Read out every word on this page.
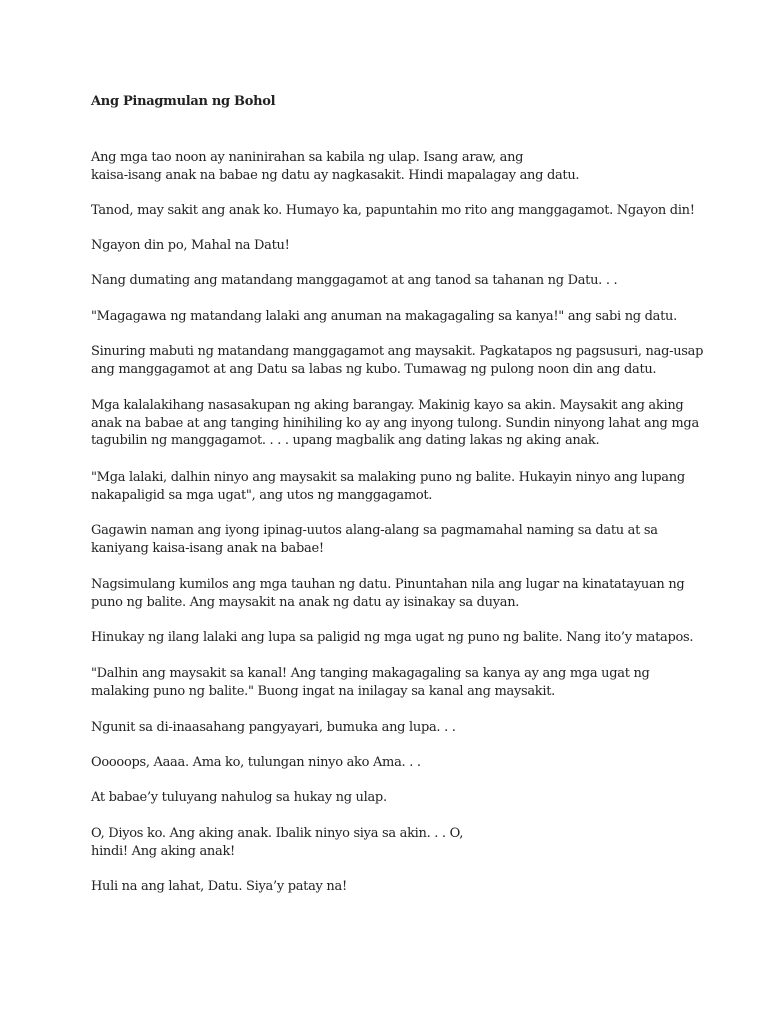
Ang Pinagmulan ng Bohol
Ang mga tao noon ay naninirahan sa kabila ng ulap. Isang araw, ang
kaisa-isang anak na babae ng datu ay nagkasakit. Hindi mapalagay ang datu.
Tanod, may sakit ang anak ko. Humayo ka, papuntahin mo rito ang manggagamot. Ngayon din!
Ngayon din po, Mahal na Datu!
Nang dumating ang matandang manggagamot at ang tanod sa tahanan ng Datu. . .
"Magagawa ng matandang lalaki ang anuman na makagagaling sa kanya!" ang sabi ng datu.
Sinuring mabuti ng matandang manggagamot ang maysakit. Pagkatapos ng pagsusuri, nag-usap
ang manggagamot at ang Datu sa labas ng kubo. Tumawag ng pulong noon din ang datu.
Mga kalalakihang nasasakupan ng aking barangay. Makinig kayo sa akin. Maysakit ang aking
anak na babae at ang tanging hinihiling ko ay ang inyong tulong. Sundin ninyong lahat ang mga
tagubilin ng manggagamot. . . . upang magbalik ang dating lakas ng aking anak.
"Mga lalaki, dalhin ninyo ang maysakit sa malaking puno ng balite. Hukayin ninyo ang lupang
nakapaligid sa mga ugat", ang utos ng manggagamot.
Gagawin naman ang iyong ipinag-uutos alang-alang sa pagmamahal naming sa datu at sa
kaniyang kaisa-isang anak na babae!
Nagsimulang kumilos ang mga tauhan ng datu. Pinuntahan nila ang lugar na kinatatayuan ng
puno ng balite. Ang maysakit na anak ng datu ay isinakay sa duyan.
Hinukay ng ilang lalaki ang lupa sa paligid ng mga ugat ng puno ng balite. Nang ito’y matapos.
"Dalhin ang maysakit sa kanal! Ang tanging makagagaling sa kanya ay ang mga ugat ng
malaking puno ng balite." Buong ingat na inilagay sa kanal ang maysakit.
Ngunit sa di-inaasahang pangyayari, bumuka ang lupa. . .
Ooooops, Aaaa. Ama ko, tulungan ninyo ako Ama. . .
At babae’y tuluyang nahulog sa hukay ng ulap.
O, Diyos ko. Ang aking anak. Ibalik ninyo siya sa akin. . . O,
hindi! Ang aking anak!
Huli na ang lahat, Datu. Siya’y patay na!
